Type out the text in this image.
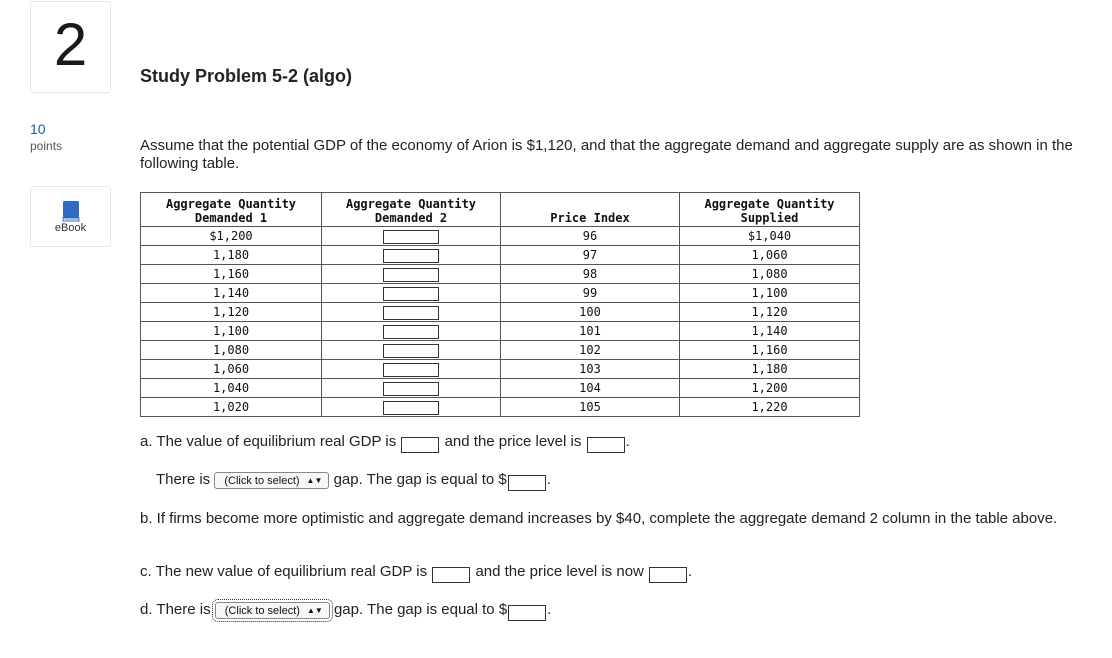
2
10
points
eBook
Study Problem 5-2 (algo)
Assume that the potential GDP of the economy of Arion is $1,120, and that the aggregate demand and aggregate supply are as shown in the following table.
Aggregate Quantity Demanded 1	Aggregate Quantity Demanded 2	Price Index	Aggregate Quantity Supplied
$1,200		96	$1,040
1,180		97	1,060
1,160		98	1,080
1,140		99	1,100
1,120		100	1,120
1,100		101	1,140
1,080		102	1,160
1,060		103	1,180
1,040		104	1,200
1,020		105	1,220
a. The value of equilibrium real GDP is	and the price level is	.
There is (Click to select) ▲▼ gap. The gap is equal to $	.
b. If firms become more optimistic and aggregate demand increases by $40, complete the aggregate demand 2 column in the table above.
c. The new value of equilibrium real GDP is	and the price level is now	.
d. There is (Click to select) ▲▼ gap. The gap is equal to $	.
